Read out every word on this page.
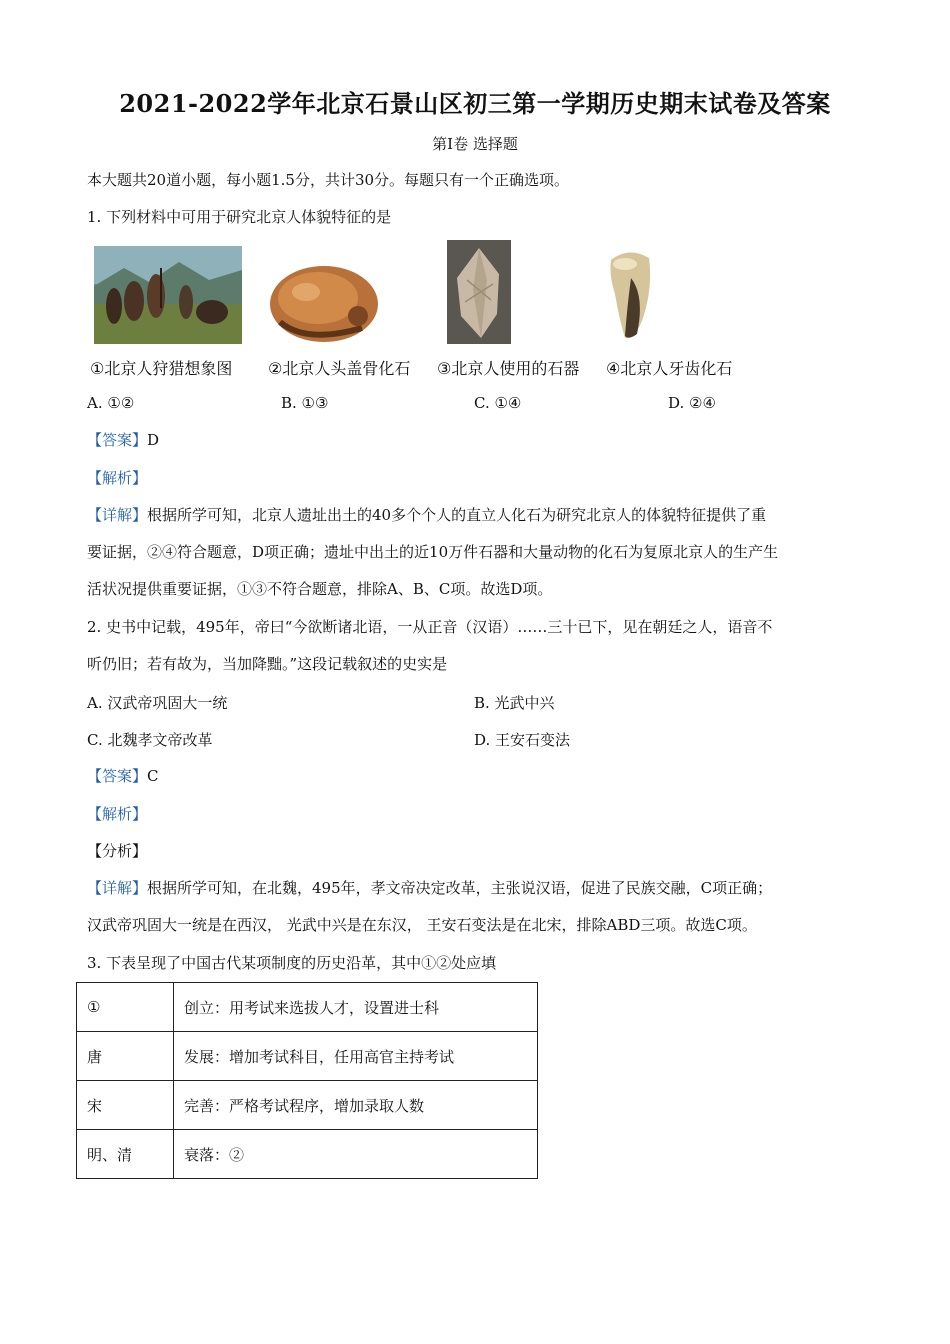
2021-2022学年北京石景山区初三第一学期历史期末试卷及答案
第Ⅰ卷 选择题
本大题共20道小题，每小题1.5分，共计30分。每题只有一个正确选项。
1. 下列材料中可用于研究北京人体貌特征的是
①北京人狩猎想象图 ②北京人头盖骨化石 ③北京人使用的石器 ④北京人牙齿化石
A. ①②	B. ①③	C. ①④	D. ②④
【答案】D
【解析】
【详解】根据所学可知，北京人遗址出土的40多个个人的直立人化石为研究北京人的体貌特征提供了重
要证据，②④符合题意，D项正确；遗址中出土的近10万件石器和大量动物的化石为复原北京人的生产生
活状况提供重要证据，①③不符合题意，排除A、B、C项。故选D项。
2. 史书中记载，495年，帝曰“今欲断诸北语，一从正音（汉语）……三十已下，见在朝廷之人，语音不
听仍旧；若有故为，当加降黜。”这段记载叙述的史实是
A. 汉武帝巩固大一统	B. 光武中兴
C. 北魏孝文帝改革	D. 王安石变法
【答案】C
【解析】
【分析】
【详解】根据所学可知，在北魏，495年，孝文帝决定改革，主张说汉语，促进了民族交融，C项正确；
汉武帝巩固大一统是在西汉， 光武中兴是在东汉， 王安石变法是在北宋，排除ABD三项。故选C项。
3. 下表呈现了中国古代某项制度的历史沿革，其中①②处应填
①	创立：用考试来选拔人才，设置进士科
唐	发展：增加考试科目，任用高官主持考试
宋	完善：严格考试程序，增加录取人数
明、清	衰落：②
